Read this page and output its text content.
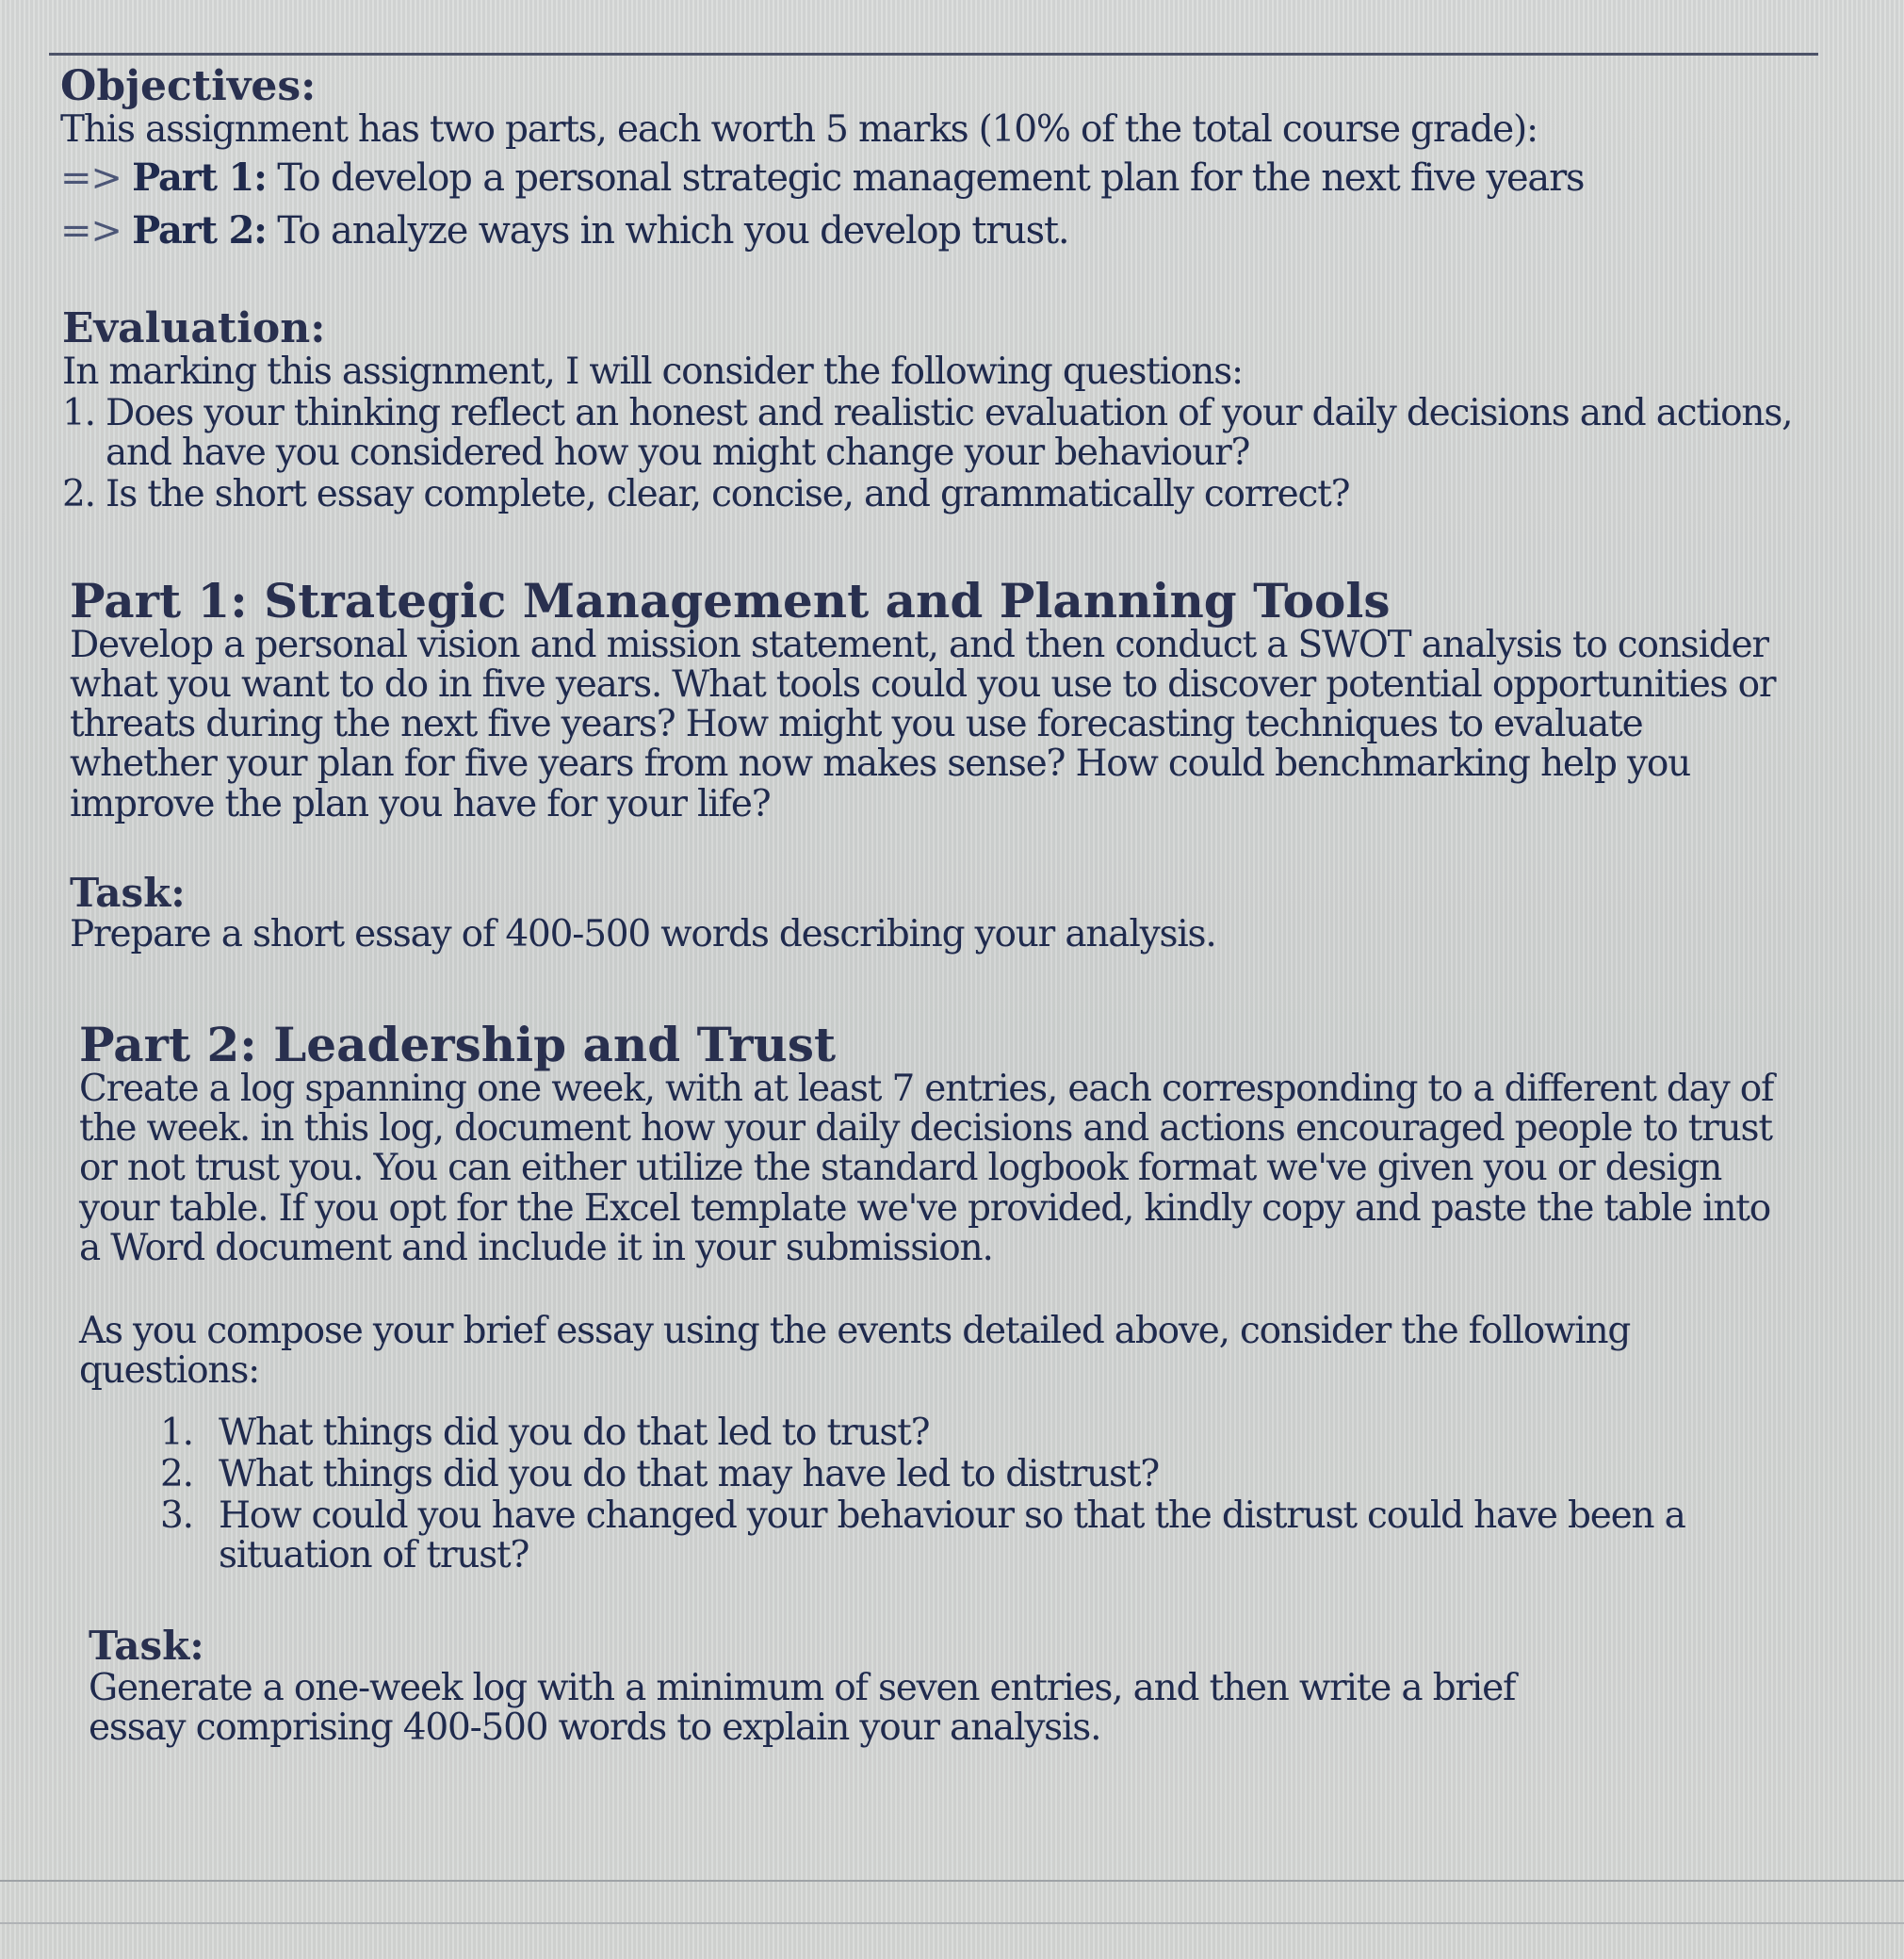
Objectives:

This assignment has two parts, each worth 5 marks (10% of the total course grade):

=> Part 1: To develop a personal strategic management plan for the next five years

=> Part 2: To analyze ways in which you develop trust.

Evaluation:

In marking this assignment, I will consider the following questions:

1. Does your thinking reflect an honest and realistic evaluation of your daily decisions and actions, and have you considered how you might change your behaviour?
2. Is the short essay complete, clear, concise, and grammatically correct?
Part 1: Strategic Management and Planning Tools

Develop a personal vision and mission statement, and then conduct a SWOT analysis to consider what you want to do in five years. What tools could you use to discover potential opportunities or threats during the next five years? How might you use forecasting techniques to evaluate whether your plan for five years from now makes sense? How could benchmarking help you improve the plan you have for your life?

Task:

Prepare a short essay of 400-500 words describing your analysis.

Part 2: Leadership and Trust

Create a log spanning one week, with at least 7 entries, each corresponding to a different day of the week. in this log, document how your daily decisions and actions encouraged people to trust or not trust you. You can either utilize the standard logbook format we've given you or design your table. If you opt for the Excel template we've provided, kindly copy and paste the table into a Word document and include it in your submission.

As you compose your brief essay using the events detailed above, consider the following questions:

1. What things did you do that led to trust?
2. What things did you do that may have led to distrust?
3. How could you have changed your behaviour so that the distrust could have been a situation of trust?
Task:

Generate a one-week log with a minimum of seven entries, and then write a brief essay comprising 400-500 words to explain your analysis.
